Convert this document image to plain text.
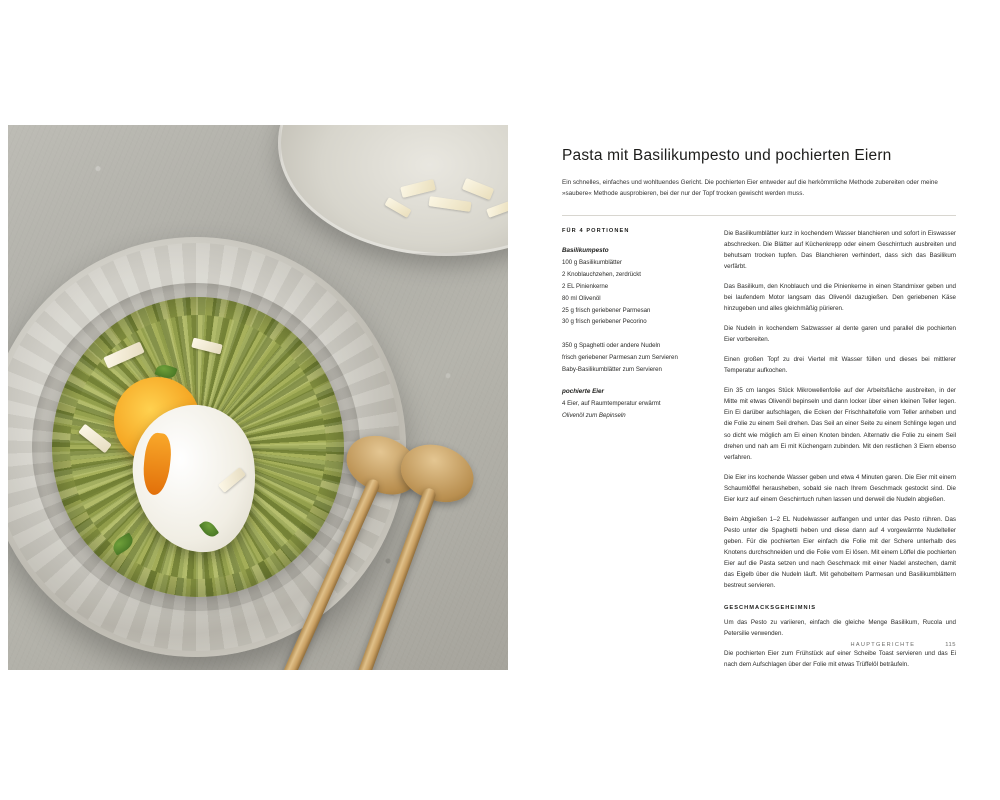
Pasta mit Basilikumpesto und pochierten Eiern

Ein schnelles, einfaches und wohltuendes Gericht. Die pochierten Eier entweder auf die herkömmliche Methode zubereiten oder meine »saubere« Methode ausprobieren, bei der nur der Topf trocken gewischt werden muss.

FÜR 4 PORTIONEN
Basilikumpesto
100 g Basilikumblätter
2 Knoblauchzehen, zerdrückt
2 EL Pinienkerne
80 ml Olivenöl
25 g frisch geriebener Parmesan
30 g frisch geriebener Pecorino
350 g Spaghetti oder andere Nudeln
frisch geriebener Parmesan zum Servieren
Baby-Basilikumblätter zum Servieren
pochierte Eier
4 Eier, auf Raumtemperatur erwärmt
Olivenöl zum Bepinseln

Die Basilikumblätter kurz in kochendem Wasser blanchieren und sofort in Eiswasser abschrecken. Die Blätter auf Küchenkrepp oder einem Geschirrtuch ausbreiten und behutsam trocken tupfen. Das Blanchieren verhindert, dass sich das Basilikum verfärbt.

Das Basilikum, den Knoblauch und die Pinienkerne in einen Standmixer geben und bei laufendem Motor langsam das Olivenöl dazugießen. Den geriebenen Käse hinzugeben und alles gleichmäßig pürieren.

Die Nudeln in kochendem Salzwasser al dente garen und parallel die pochierten Eier vorbereiten.

Einen großen Topf zu drei Viertel mit Wasser füllen und dieses bei mittlerer Temperatur aufkochen.

Ein 35 cm langes Stück Mikrowellenfolie auf der Arbeitsfläche ausbreiten, in der Mitte mit etwas Olivenöl bepinseln und dann locker über einen kleinen Teller legen. Ein Ei darüber aufschlagen, die Ecken der Frischhaltefolie vom Teller anheben und die Folie zu einem Seil drehen. Das Seil an einer Seite zu einem Schlinge legen und so dicht wie möglich am Ei einen Knoten binden. Alternativ die Folie zu einem Seil drehen und nah am Ei mit Küchengarn zubinden. Mit den restlichen 3 Eiern ebenso verfahren.

Die Eier ins kochende Wasser geben und etwa 4 Minuten garen. Die Eier mit einem Schaumlöffel herausheben, sobald sie nach Ihrem Geschmack gestockt sind. Die Eier kurz auf einem Geschirrtuch ruhen lassen und derweil die Nudeln abgießen.

Beim Abgießen 1–2 EL Nudelwasser auffangen und unter das Pesto rühren. Das Pesto unter die Spaghetti heben und diese dann auf 4 vorgewärmte Nudelteller geben. Für die pochierten Eier einfach die Folie mit der Schere unterhalb des Knotens durchschneiden und die Folie vom Ei lösen. Mit einem Löffel die pochierten Eier auf die Pasta setzen und nach Geschmack mit einer Nadel anstechen, damit das Eigelb über die Nudeln läuft. Mit gehobeltem Parmesan und Basilikumblättern bestreut servieren.

GESCHMACKSGEHEIMNIS

Um das Pesto zu variieren, einfach die gleiche Menge Basilikum, Rucola und Petersilie verwenden.

Die pochierten Eier zum Frühstück auf einer Scheibe Toast servieren und das Ei nach dem Aufschlagen über der Folie mit etwas Trüffelöl beträufeln.

HAUPTGERICHTE	115
